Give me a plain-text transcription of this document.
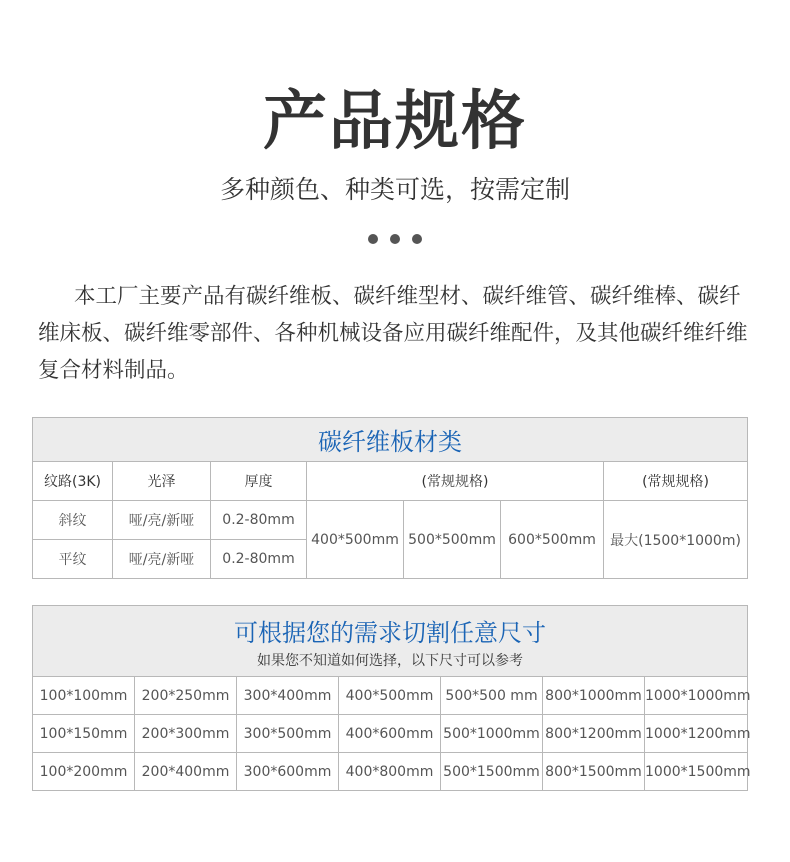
产品规格
多种颜色、种类可选，按需定制
本工厂主要产品有碳纤维板、碳纤维型材、碳纤维管、碳纤维棒、碳纤维床板、碳纤维零部件、各种机械设备应用碳纤维配件，及其他碳纤维纤维复合材料制品。
碳纤维板材类						
纹路(3K)	光泽	厚度	(常规规格)			(常规规格)
斜纹	哑/亮/新哑	0.2-80mm	400*500mm	500*500mm	600*500mm	最大(1500*1000m)
平纹	哑/亮/新哑	0.2-80mm				
可根据您的需求切割任意尺寸
如果您不知道如何选择，以下尺寸可以参考						

100*100mm	200*250mm	300*400mm	400*500mm	500*500 mm	800*1000mm	1000*1000mm
100*150mm	200*300mm	300*500mm	400*600mm	500*1000mm	800*1200mm	1000*1200mm
100*200mm	200*400mm	300*600mm	400*800mm	500*1500mm	800*1500mm	1000*1500mm
